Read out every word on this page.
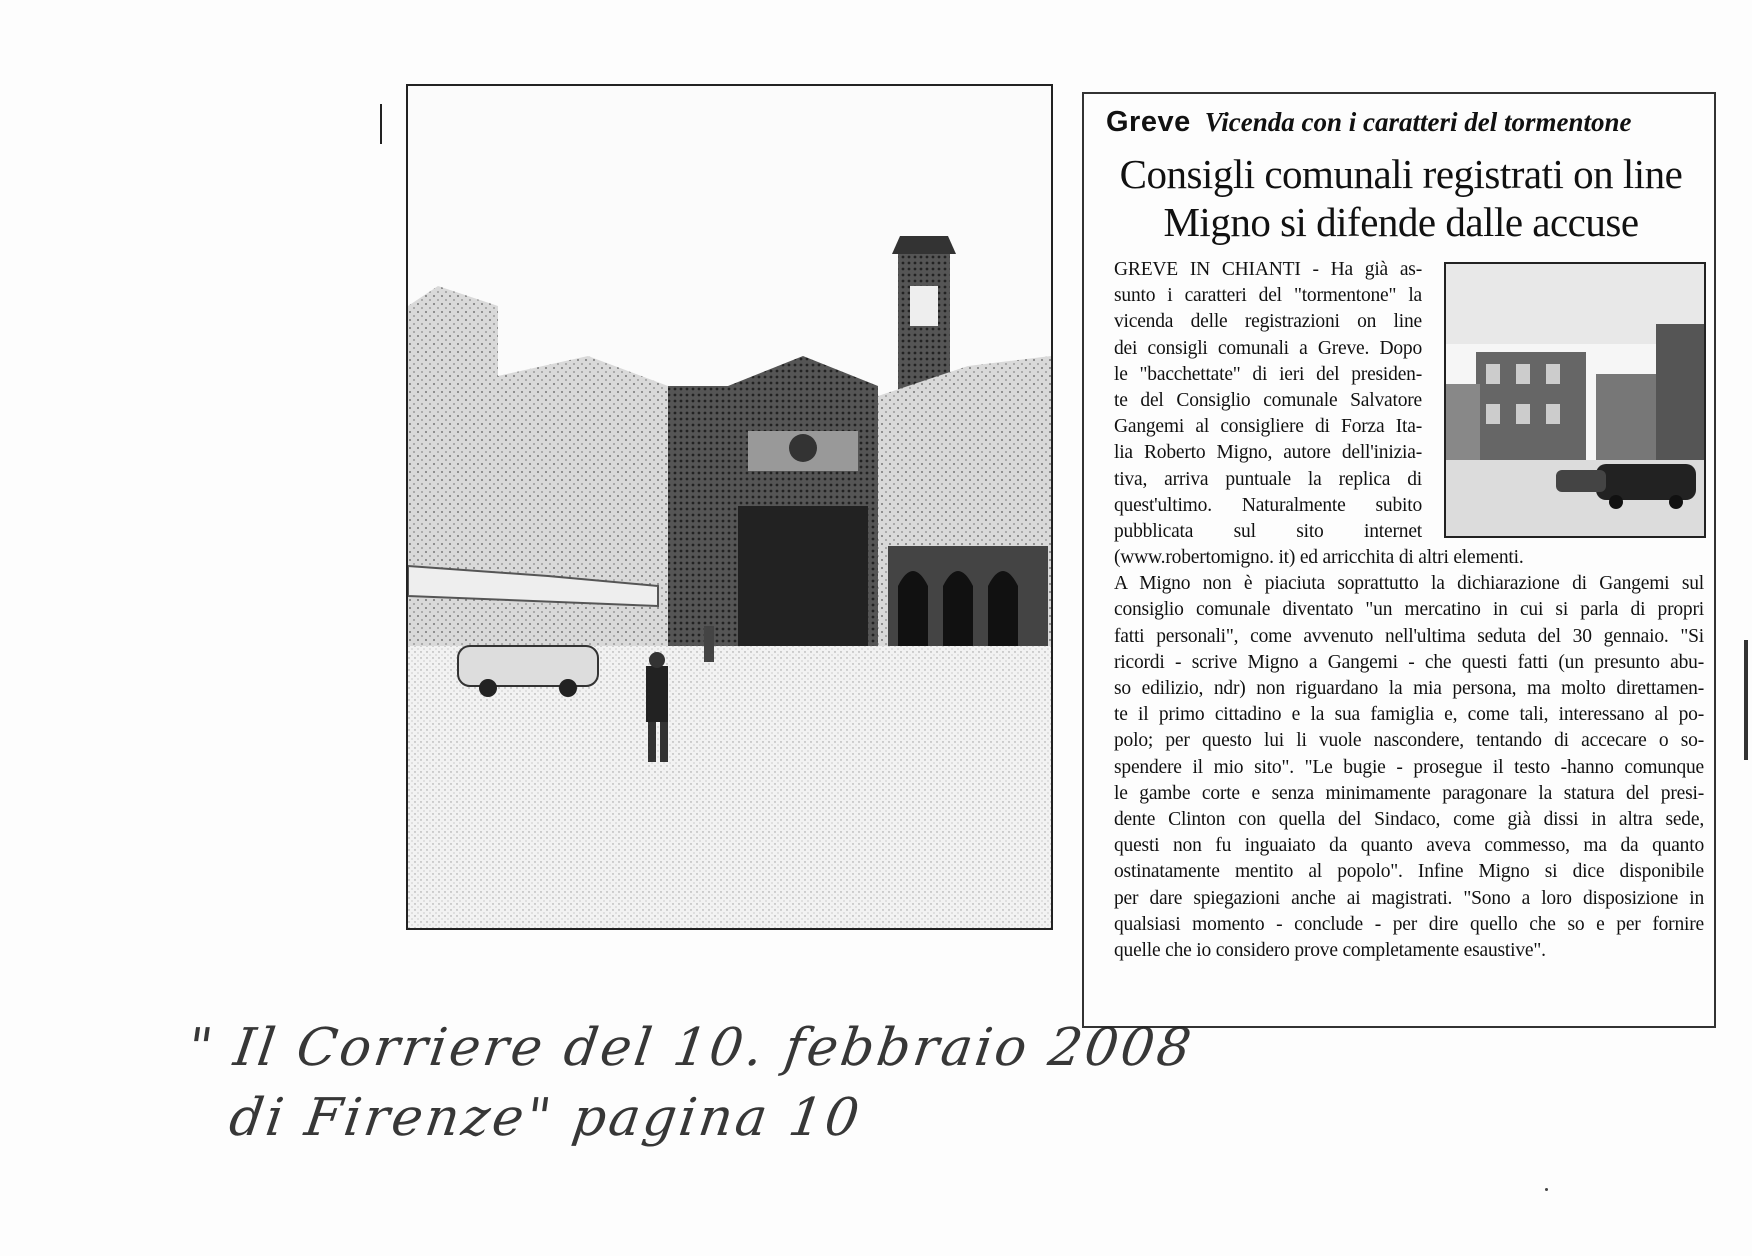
Greve Vicenda con i caratteri del tormentone
Consigli comunali registrati on line
Migno si difende dalle accuse
GREVE IN CHIANTI - Ha già as-
sunto i caratteri del "tormentone" la
vicenda delle registrazioni on line
dei consigli comunali a Greve. Dopo
le "bacchettate" di ieri del presiden-
te del Consiglio comunale Salvatore
Gangemi al consigliere di Forza Ita-
lia Roberto Migno, autore dell'inizia-
tiva, arriva puntuale la replica di
quest'ultimo. Naturalmente subito
pubblicata sul sito internet
(www.robertomigno. it) ed arricchita di altri elementi.
A Migno non è piaciuta soprattutto la dichiarazione di Gangemi sul
consiglio comunale diventato "un mercatino in cui si parla di propri
fatti personali", come avvenuto nell'ultima seduta del 30 gennaio. "Si
ricordi - scrive Migno a Gangemi - che questi fatti (un presunto abu-
so edilizio, ndr) non riguardano la mia persona, ma molto direttamen-
te il primo cittadino e la sua famiglia e, come tali, interessano al po-
polo; per questo lui li vuole nascondere, tentando di accecare o so-
spendere il mio sito". "Le bugie - prosegue il testo -hanno comunque
le gambe corte e senza minimamente paragonare la statura del presi-
dente Clinton con quella del Sindaco, come già dissi in altra sede,
questi non fu inguaiato da quanto aveva commesso, ma da quanto
ostinatamente mentito al popolo". Infine Migno si dice disponibile
per dare spiegazioni anche ai magistrati. "Sono a loro disposizione in
qualsiasi momento - conclude - per dire quello che so e per fornire
quelle che io considero prove completamente esaustive".
" Il Corriere del 10. febbraio 2008
di Firenze" pagina 10
